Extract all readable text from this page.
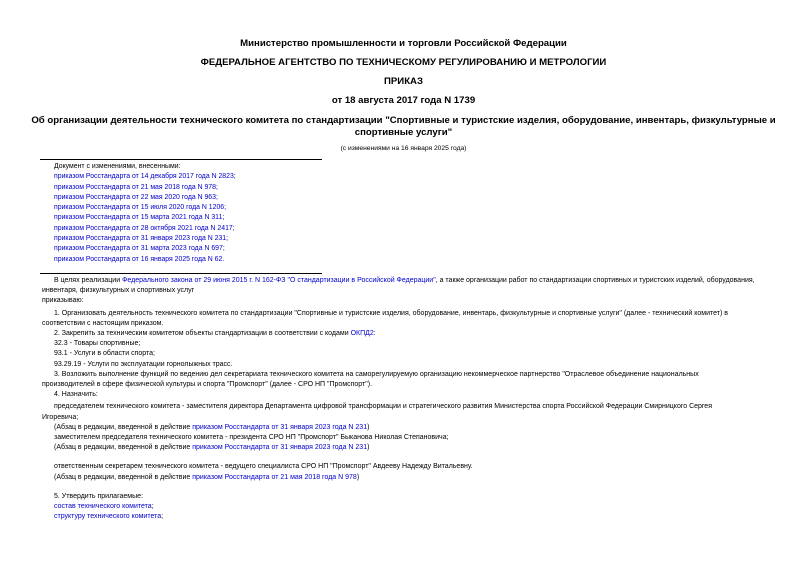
Министерство промышленности и торговли Российской Федерации
ФЕДЕРАЛЬНОЕ АГЕНТСТВО ПО ТЕХНИЧЕСКОМУ РЕГУЛИРОВАНИЮ И МЕТРОЛОГИИ
ПРИКАЗ
от 18 августа 2017 года N 1739
Об организации деятельности технического комитета по стандартизации "Спортивные и туристские изделия, оборудование, инвентарь, физкультурные и
спортивные услуги"
(с изменениями на 16 января 2025 года)
Документ с изменениями, внесенными:
приказом Росстандарта от 14 декабря 2017 года N 2823;
приказом Росстандарта от 21 мая 2018 года N 978;
приказом Росстандарта от 22 мая 2020 года N 963;
приказом Росстандарта от 15 июля 2020 года N 1206;
приказом Росстандарта от 15 марта 2021 года N 311;
приказом Росстандарта от 28 октября 2021 года N 2417;
приказом Росстандарта от 31 января 2023 года N 231;
приказом Росстандарта от 31 марта 2023 года N 697;
приказом Росстандарта от 16 января 2025 года N 62.
В целях реализации Федерального закона от 29 июня 2015 г. N 162-ФЗ "О стандартизации в Российской Федерации", а также организации работ по стандартизации спортивных и туристских изделий, оборудования,
инвентаря, физкультурных и спортивных услуг
приказываю:
1. Организовать деятельность технического комитета по стандартизации "Спортивные и туристские изделия, оборудование, инвентарь, физкультурные и спортивные услуги" (далее - технический комитет) в
соответствии с настоящим приказом.
2. Закрепить за техническим комитетом объекты стандартизации в соответствии с кодами ОКПД2:
32.3 - Товары спортивные;
93.1 - Услуги в области спорта;
93.29.19 - Услуги по эксплуатации горнолыжных трасс.
3. Возложить выполнение функций по ведению дел секретариата технического комитета на саморегулируемую организацию некоммерческое партнерство "Отраслевое объединение национальных
производителей в сфере физической культуры и спорта "Промспорт" (далее - СРО НП "Промспорт").
4. Назначить:
председателем технического комитета - заместителя директора Департамента цифровой трансформации и стратегического развития Министерства спорта Российской Федерации Смирницкого Сергея
Игоревича;
(Абзац в редакции, введенной в действие приказом Росстандарта от 31 января 2023 года N 231)
заместителем председателя технического комитета - президента СРО НП "Промспорт" Быканова Николая Степановича;
(Абзац в редакции, введенной в действие приказом Росстандарта от 31 января 2023 года N 231)
ответственным секретарем технического комитета - ведущего специалиста СРО НП "Промспорт" Авдееву Надежду Витальевну.
(Абзац в редакции, введенной в действие приказом Росстандарта от 21 мая 2018 года N 978)
5. Утвердить прилагаемые:
состав технического комитета;
структуру технического комитета;
